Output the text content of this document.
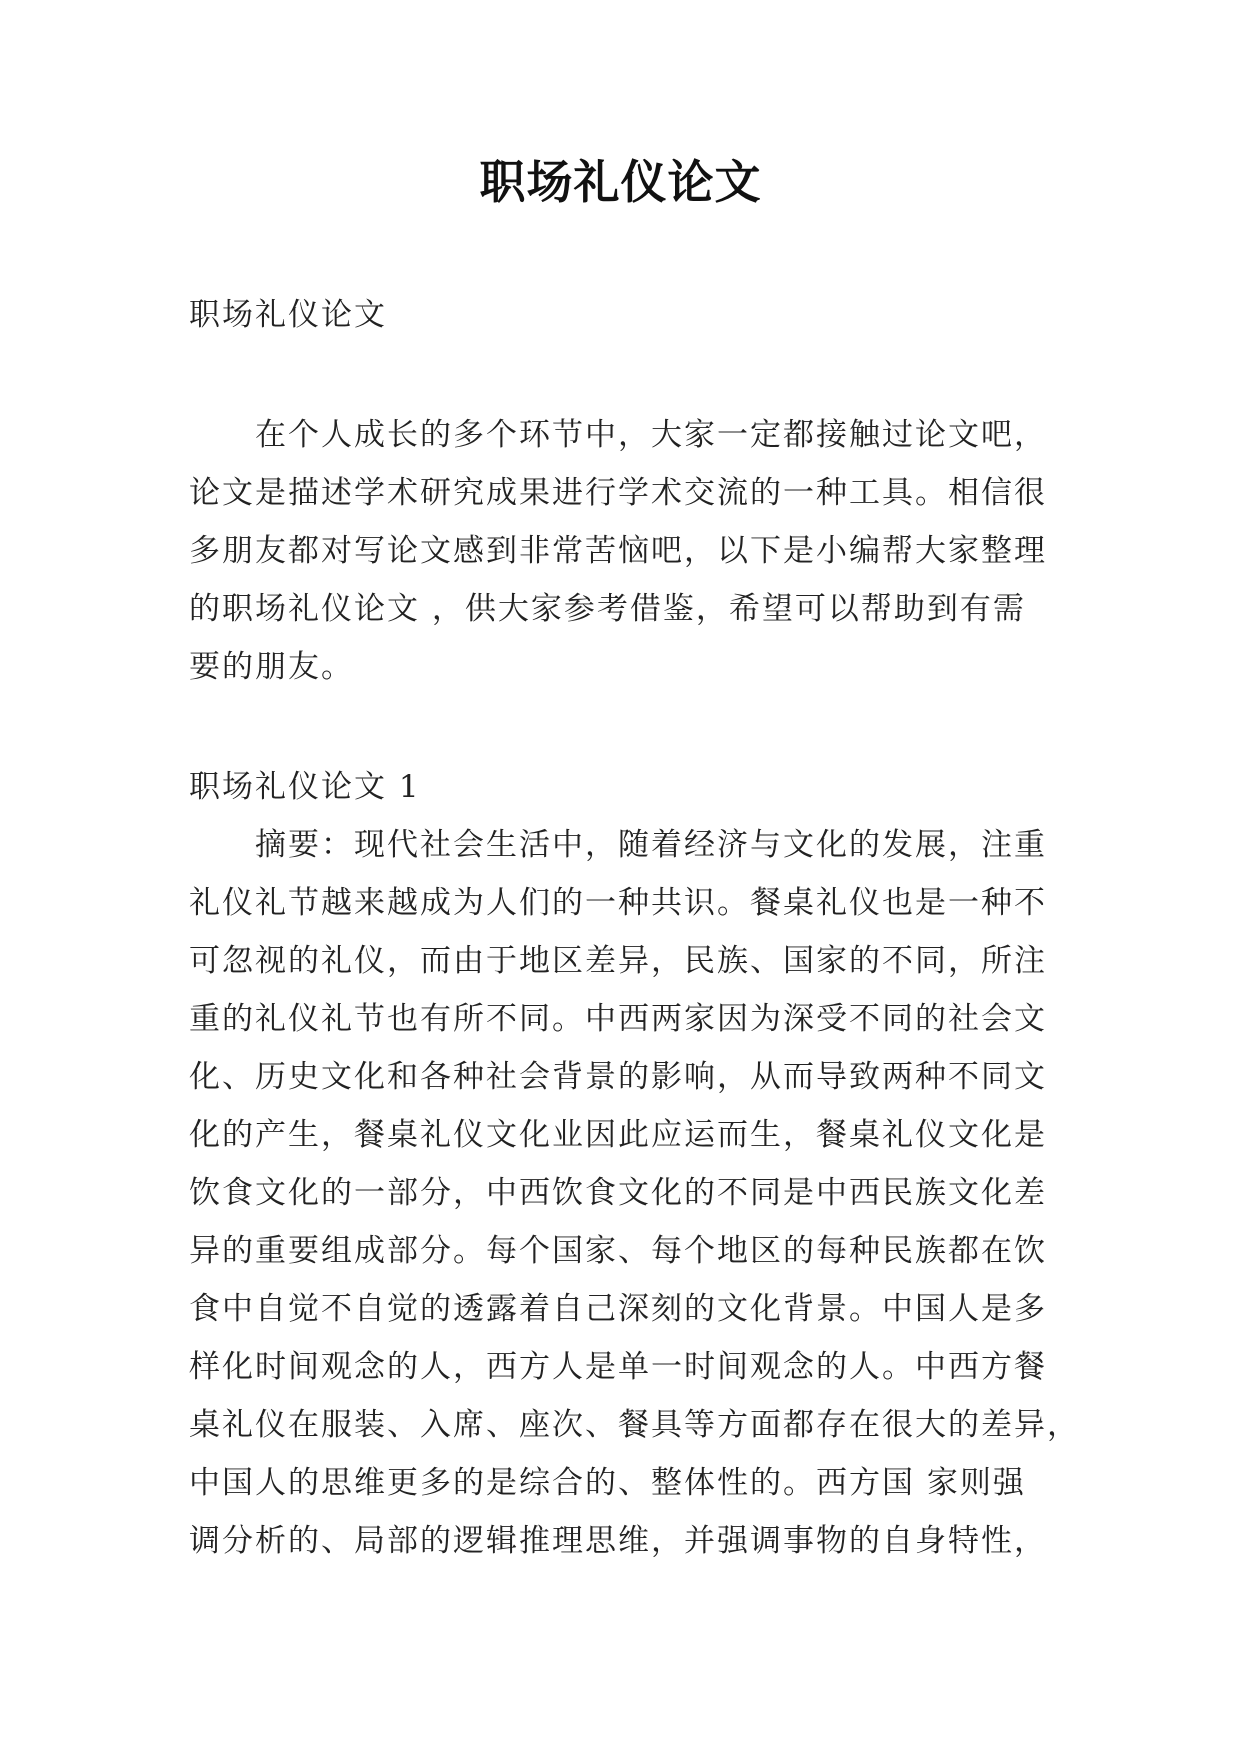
职场礼仪论文

职场礼仪论文

在个人成长的多个环节中，大家一定都接触过论文吧，
论文是描述学术研究成果进行学术交流的一种工具。相信很
多朋友都对写论文感到非常苦恼吧，以下是小编帮大家整理
的职场礼仪论文 ，供大家参考借鉴，希望可以帮助到有需
要的朋友。

职场礼仪论文 1

摘要：现代社会生活中，随着经济与文化的发展，注重
礼仪礼节越来越成为人们的一种共识。餐桌礼仪也是一种不
可忽视的礼仪，而由于地区差异，民族、国家的不同，所注
重的礼仪礼节也有所不同。中西两家因为深受不同的社会文
化、历史文化和各种社会背景的影响，从而导致两种不同文
化的产生，餐桌礼仪文化业因此应运而生，餐桌礼仪文化是
饮食文化的一部分，中西饮食文化的不同是中西民族文化差
异的重要组成部分。每个国家、每个地区的每种民族都在饮
食中自觉不自觉的透露着自己深刻的文化背景。中国人是多
样化时间观念的人，西方人是单一时间观念的人。中西方餐
桌礼仪在服装、入席、座次、餐具等方面都存在很大的差异，
中国人的思维更多的是综合的、整体性的。西方国 家则强
调分析的、局部的逻辑推理思维，并强调事物的自身特性，
